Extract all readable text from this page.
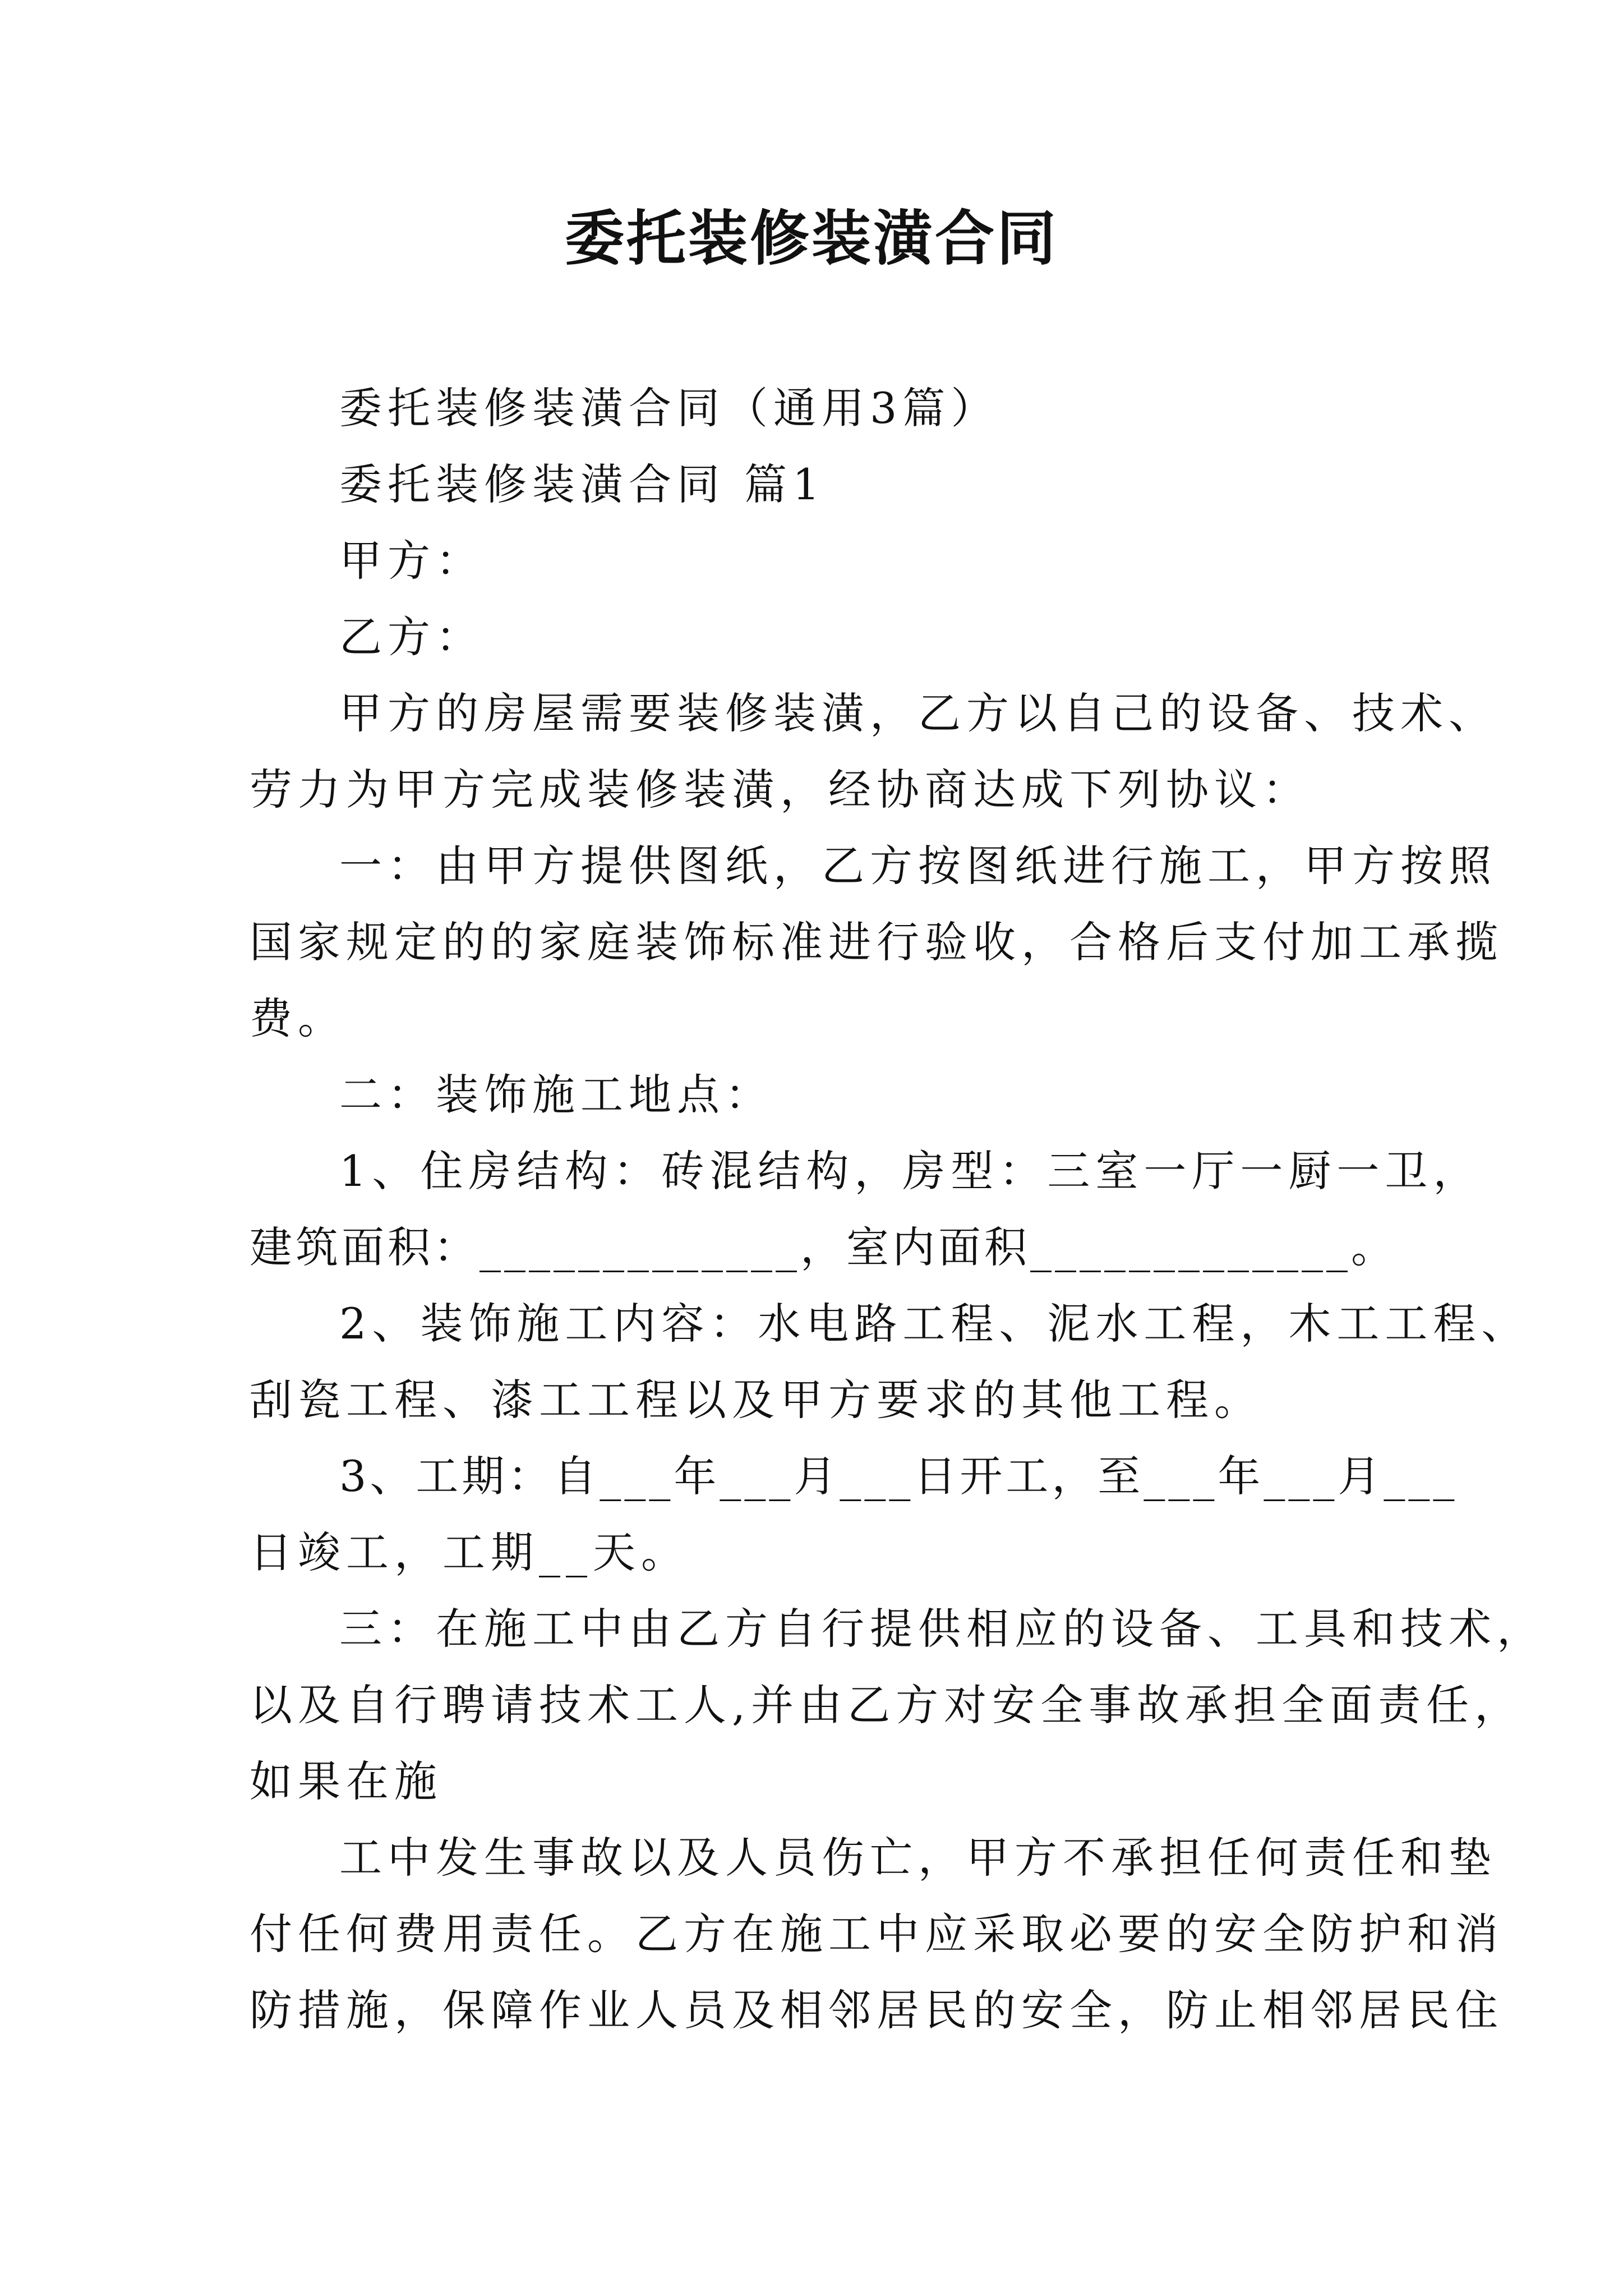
委托装修装潢合同

委托装修装潢合同（通用3篇）

委托装修装潢合同 篇1

甲方：

乙方：

甲方的房屋需要装修装潢，乙方以自己的设备、技术、

劳力为甲方完成装修装潢，经协商达成下列协议：

一：由甲方提供图纸，乙方按图纸进行施工，甲方按照

国家规定的的家庭装饰标准进行验收，合格后支付加工承揽

费。

二：装饰施工地点：

1、住房结构：砖混结构，房型：三室一厅一厨一卫，

建筑面积：_____________，室内面积_____________。

2、装饰施工内容：水电路工程、泥水工程，木工工程、

刮瓷工程、漆工工程以及甲方要求的其他工程。

3、工期：自___年___月___日开工，至___年___月___

日竣工，工期__天。

三：在施工中由乙方自行提供相应的设备、工具和技术，

以及自行聘请技术工人,并由乙方对安全事故承担全面责任，

如果在施

工中发生事故以及人员伤亡，甲方不承担任何责任和垫

付任何费用责任。乙方在施工中应采取必要的安全防护和消

防措施，保障作业人员及相邻居民的安全，防止相邻居民住
